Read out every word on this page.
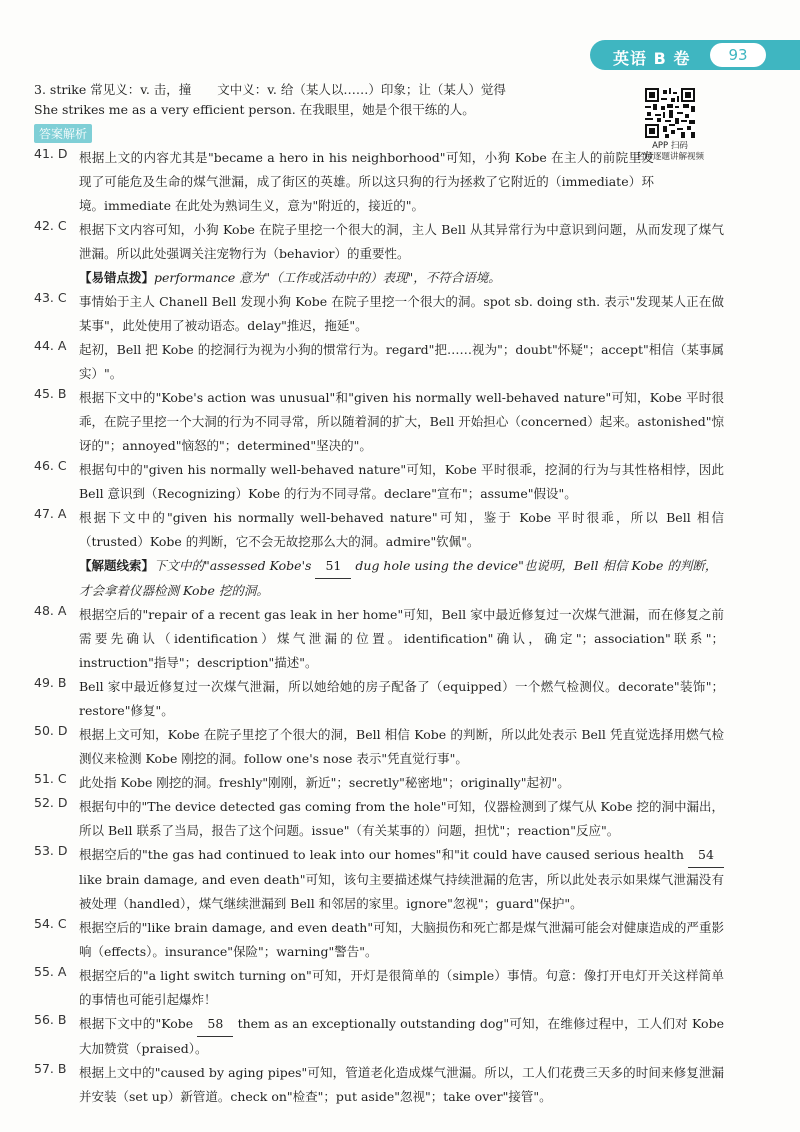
英语 B 卷	93
3. strike 常见义：v. 击，撞 文中义：v. 给（某人以……）印象；让（某人）觉得
She strikes me as a very efficient person. 在我眼里，她是个很干练的人。
APP 扫码
名师逐题讲解视频
答案解析
41. D 根据上文的内容尤其是"became a hero in his neighborhood"可知，小狗 Kobe 在主人的前院里发现了可能危及生命的煤气泄漏，成了街区的英雄。所以这只狗的行为拯救了它附近的（immediate）环境。immediate 在此处为熟词生义，意为"附近的，接近的"。
42. C 根据下文内容可知，小狗 Kobe 在院子里挖一个很大的洞，主人 Bell 从其异常行为中意识到问题，从而发现了煤气泄漏。所以此处强调关注宠物行为（behavior）的重要性。
【易错点拨】performance 意为"（工作或活动中的）表现"，不符合语境。
43. C 事情始于主人 Chanell Bell 发现小狗 Kobe 在院子里挖一个很大的洞。spot sb. doing sth. 表示"发现某人正在做某事"，此处使用了被动语态。delay"推迟，拖延"。
44. A 起初，Bell 把 Kobe 的挖洞行为视为小狗的惯常行为。regard"把……视为"；doubt"怀疑"；accept"相信（某事属实）"。
45. B 根据下文中的"Kobe's action was unusual"和"given his normally well-behaved nature"可知，Kobe 平时很乖，在院子里挖一个大洞的行为不同寻常，所以随着洞的扩大，Bell 开始担心（concerned）起来。astonished"惊讶的"；annoyed"恼怒的"；determined"坚决的"。
46. C 根据句中的"given his normally well-behaved nature"可知，Kobe 平时很乖，挖洞的行为与其性格相悖，因此 Bell 意识到（Recognizing）Kobe 的行为不同寻常。declare"宣布"；assume"假设"。
47. A 根据下文中的"given his normally well-behaved nature"可知，鉴于 Kobe 平时很乖，所以 Bell 相信（trusted）Kobe 的判断，它不会无故挖那么大的洞。admire"钦佩"。
【解题线索】下文中的"assessed Kobe's 51 dug hole using the device"也说明，Bell 相信 Kobe 的判断，才会拿着仪器检测 Kobe 挖的洞。
48. A 根据空后的"repair of a recent gas leak in her home"可知，Bell 家中最近修复过一次煤气泄漏，而在修复之前需要先确认（identification）煤气泄漏的位置。identification"确认，确定"；association"联系"；instruction"指导"；description"描述"。
49. B Bell 家中最近修复过一次煤气泄漏，所以她给她的房子配备了（equipped）一个燃气检测仪。decorate"装饰"；restore"修复"。
50. D 根据上文可知，Kobe 在院子里挖了个很大的洞，Bell 相信 Kobe 的判断，所以此处表示 Bell 凭直觉选择用燃气检测仪来检测 Kobe 刚挖的洞。follow one's nose 表示"凭直觉行事"。
51. C 此处指 Kobe 刚挖的洞。freshly"刚刚，新近"；secretly"秘密地"；originally"起初"。
52. D 根据句中的"The device detected gas coming from the hole"可知，仪器检测到了煤气从 Kobe 挖的洞中漏出，所以 Bell 联系了当局，报告了这个问题。issue"（有关某事的）问题，担忧"；reaction"反应"。
53. D 根据空后的"the gas had continued to leak into our homes"和"it could have caused serious health 54 like brain damage, and even death"可知，该句主要描述煤气持续泄漏的危害，所以此处表示如果煤气泄漏没有被处理（handled），煤气继续泄漏到 Bell 和邻居的家里。ignore"忽视"；guard"保护"。
54. C 根据空后的"like brain damage, and even death"可知，大脑损伤和死亡都是煤气泄漏可能会对健康造成的严重影响（effects）。insurance"保险"；warning"警告"。
55. A 根据空后的"a light switch turning on"可知，开灯是很简单的（simple）事情。句意：像打开电灯开关这样简单的事情也可能引起爆炸！
56. B 根据下文中的"Kobe 58 them as an exceptionally outstanding dog"可知，在维修过程中，工人们对 Kobe 大加赞赏（praised）。
57. B 根据上文中的"caused by aging pipes"可知，管道老化造成煤气泄漏。所以，工人们花费三天多的时间来修复泄漏并安装（set up）新管道。check on"检查"；put aside"忽视"；take over"接管"。
